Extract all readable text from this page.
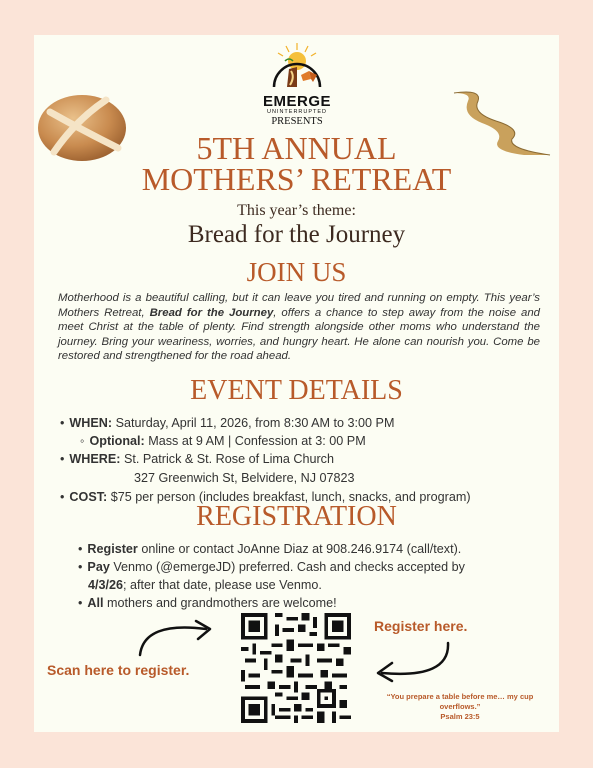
EMERGE
UNINTERRUPTED
PRESENTS
5TH ANNUAL
MOTHERS’ RETREAT
This year’s theme:
Bread for the Journey
JOIN US
Motherhood is a beautiful calling, but it can leave you tired and running on empty. This year’s Mothers Retreat, Bread for the Journey, offers a chance to step away from the noise and meet Christ at the table of plenty. Find strength alongside other moms who understand the journey. Bring your weariness, worries, and hungry heart. He alone can nourish you. Come be restored and strengthened for the road ahead.
EVENT DETAILS
• WHEN: Saturday, April 11, 2026, from 8:30 AM to 3:00 PM
◦ Optional: Mass at 9 AM | Confession at 3: 00 PM
• WHERE: St. Patrick & St. Rose of Lima Church
327 Greenwich St, Belvidere, NJ 07823
• COST: $75 per person (includes breakfast, lunch, snacks, and program)
REGISTRATION
• Register online or contact JoAnne Diaz at 908.246.9174 (call/text).
• Pay Venmo (@emergeJD) preferred. Cash and checks accepted by
4/3/26; after that date, please use Venmo.
• All mothers and grandmothers are welcome!
Scan here to register.
Register here.
“You prepare a table before me… my cup overflows.”
Psalm 23:5
